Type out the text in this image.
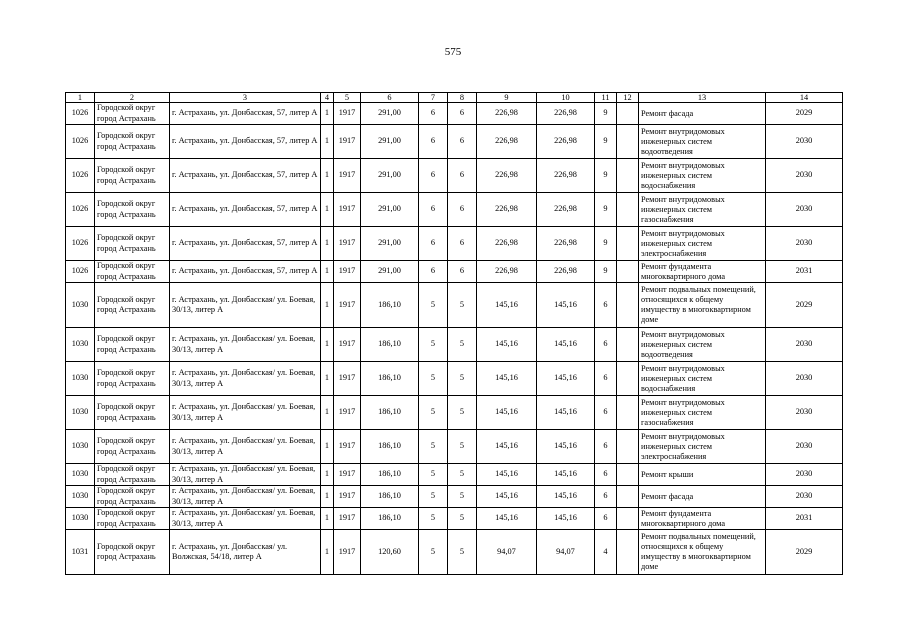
575
1	2	3	4	5	6	7	8	9	10	11	12	13	14
1026	Городской округ город Астрахань	г. Астрахань, ул. Донбасская, 57, литер А	1	1917	291,00	6	6	226,98	226,98	9		Ремонт фасада	2029
1026	Городской округ город Астрахань	г. Астрахань, ул. Донбасская, 57, литер А	1	1917	291,00	6	6	226,98	226,98	9		Ремонт внутридомовых инженерных систем водоотведения	2030
1026	Городской округ город Астрахань	г. Астрахань, ул. Донбасская, 57, литер А	1	1917	291,00	6	6	226,98	226,98	9		Ремонт внутридомовых инженерных систем водоснабжения	2030
1026	Городской округ город Астрахань	г. Астрахань, ул. Донбасская, 57, литер А	1	1917	291,00	6	6	226,98	226,98	9		Ремонт внутридомовых инженерных систем газоснабжения	2030
1026	Городской округ город Астрахань	г. Астрахань, ул. Донбасская, 57, литер А	1	1917	291,00	6	6	226,98	226,98	9		Ремонт внутридомовых инженерных систем электроснабжения	2030
1026	Городской округ город Астрахань	г. Астрахань, ул. Донбасская, 57, литер А	1	1917	291,00	6	6	226,98	226,98	9		Ремонт фундамента многоквартирного дома	2031
1030	Городской округ город Астрахань	г. Астрахань, ул. Донбасская/ ул. Боевая, 30/13, литер А	1	1917	186,10	5	5	145,16	145,16	6		Ремонт подвальных помещений, относящихся к общему имуществу в многоквартирном доме	2029
1030	Городской округ город Астрахань	г. Астрахань, ул. Донбасская/ ул. Боевая, 30/13, литер А	1	1917	186,10	5	5	145,16	145,16	6		Ремонт внутридомовых инженерных систем водоотведения	2030
1030	Городской округ город Астрахань	г. Астрахань, ул. Донбасская/ ул. Боевая, 30/13, литер А	1	1917	186,10	5	5	145,16	145,16	6		Ремонт внутридомовых инженерных систем водоснабжения	2030
1030	Городской округ город Астрахань	г. Астрахань, ул. Донбасская/ ул. Боевая, 30/13, литер А	1	1917	186,10	5	5	145,16	145,16	6		Ремонт внутридомовых инженерных систем газоснабжения	2030
1030	Городской округ город Астрахань	г. Астрахань, ул. Донбасская/ ул. Боевая, 30/13, литер А	1	1917	186,10	5	5	145,16	145,16	6		Ремонт внутридомовых инженерных систем электроснабжения	2030
1030	Городской округ город Астрахань	г. Астрахань, ул. Донбасская/ ул. Боевая, 30/13, литер А	1	1917	186,10	5	5	145,16	145,16	6		Ремонт крыши	2030
1030	Городской округ город Астрахань	г. Астрахань, ул. Донбасская/ ул. Боевая, 30/13, литер А	1	1917	186,10	5	5	145,16	145,16	6		Ремонт фасада	2030
1030	Городской округ город Астрахань	г. Астрахань, ул. Донбасская/ ул. Боевая, 30/13, литер А	1	1917	186,10	5	5	145,16	145,16	6		Ремонт фундамента многоквартирного дома	2031
1031	Городской округ город Астрахань	г. Астрахань, ул. Донбасская/ ул. Волжская, 54/18, литер А	1	1917	120,60	5	5	94,07	94,07	4		Ремонт подвальных помещений, относящихся к общему имуществу в многоквартирном доме	2029
